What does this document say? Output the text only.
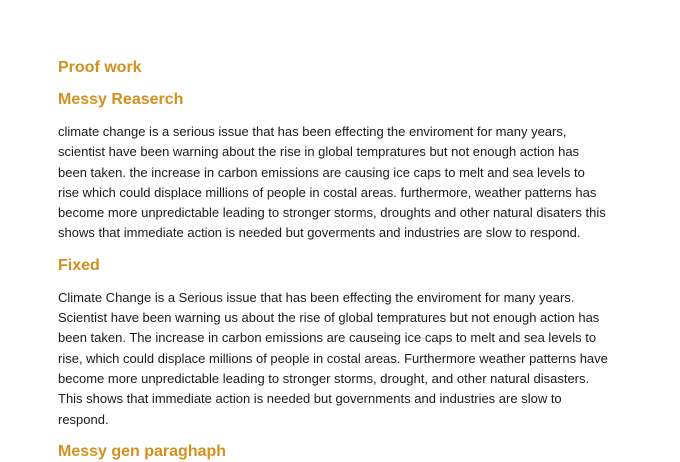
Proof work
Messy Reaserch

climate change is a serious issue that has been effecting the enviroment for many years,
scientist have been warning about the rise in global tempratures but not enough action has
been taken. the increase in carbon emissions are causing ice caps to melt and sea levels to
rise which could displace millions of people in costal areas. furthermore, weather patterns has
become more unpredictable leading to stronger storms, droughts and other natural disaters this
shows that immediate action is needed but goverments and industries are slow to respond.

Fixed

Climate Change is a Serious issue that has been effecting the enviroment for many years.
Scientist have been warning us about the rise of global tempratures but not enough action has
been taken. The increase in carbon emissions are causeing ice caps to melt and sea levels to
rise, which could displace millions of people in costal areas. Furthermore weather patterns have
become more unpredictable leading to stronger storms, drought, and other natural disasters.
This shows that immediate action is needed but governments and industries are slow to
respond.

Messy gen paraghaph
